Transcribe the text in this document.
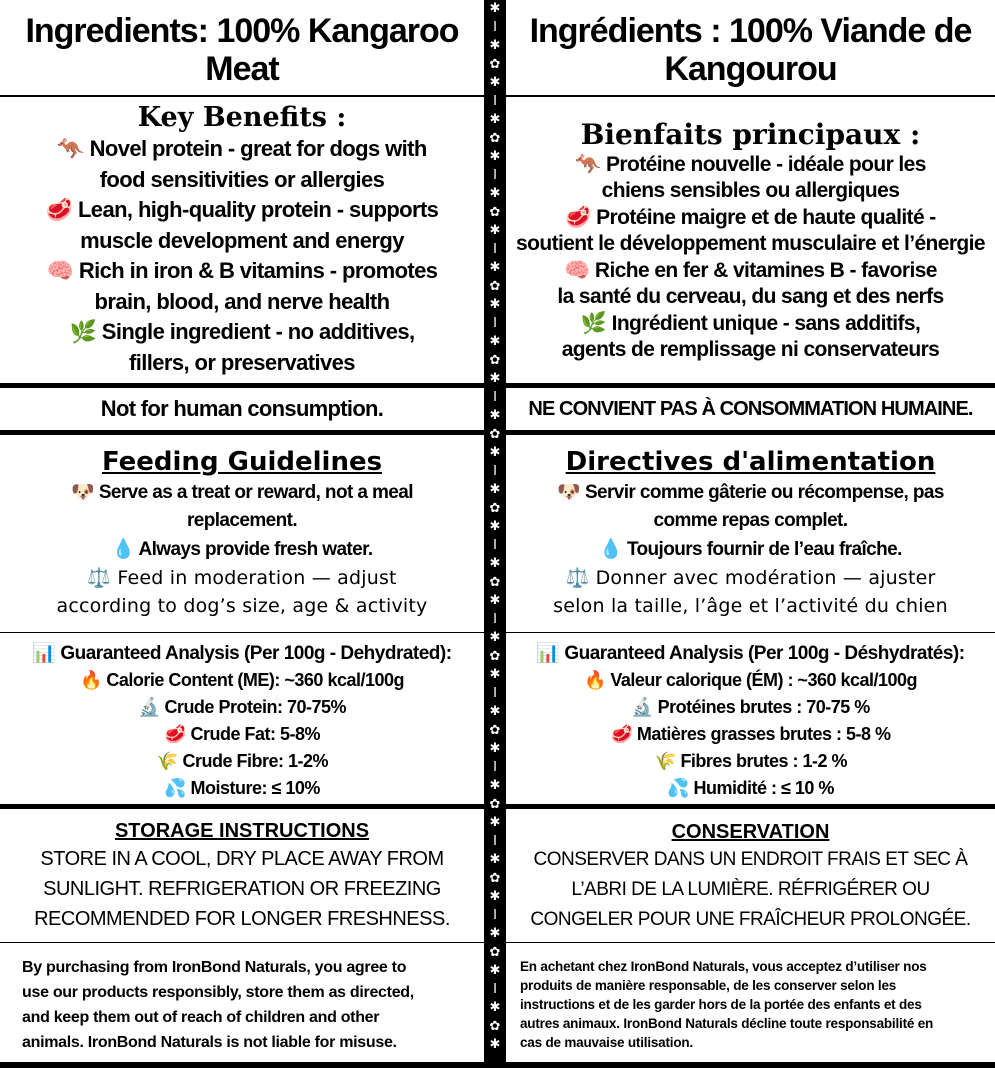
✱
I
✱
✿
✱
I
✱
✿
✱
I
✱
✿
✱
I
✱
✿
✱
I
✱
✿
✱
I
✱
✿
✱
I
✱
✿
✱
I
✱
✿
✱
I
✱
✿
✱
I
✱
✿
✱
I
✱
✿
✱
I
✱
✿
✱
I
✱
✿
✱
I
✱
✿
✱
Ingredients: 100% Kangaroo Meat
Key Benefits :

🦘 Novel protein - great for dogs with
food sensitivities or allergies

🥩 Lean, high-quality protein - supports
muscle development and energy

🧠 Rich in iron & B vitamins - promotes
brain, blood, and nerve health

🌿 Single ingredient - no additives,
fillers, or preservatives

Not for human consumption.
Feeding Guidelines
🐶 Serve as a treat or reward, not a meal
replacement.
💧 Always provide fresh water.
⚖️ Feed in moderation — adjust
according to dog’s size, age & activity
📊 Guaranteed Analysis (Per 100g - Dehydrated):
🔥 Calorie Content (ME): ~360 kcal/100g
🔬 Crude Protein: 70-75%
🥩 Crude Fat: 5-8%
🌾 Crude Fibre: 1-2%
💦 Moisture: ≤ 10%
STORAGE INSTRUCTIONS
STORE IN A COOL, DRY PLACE AWAY FROM
SUNLIGHT. REFRIGERATION OR FREEZING
RECOMMENDED FOR LONGER FRESHNESS.
By purchasing from IronBond Naturals, you agree to
use our products responsibly, store them as directed,
and keep them out of reach of children and other
animals. IronBond Naturals is not liable for misuse.
Ingrédients : 100% Viande de Kangourou
Bienfaits principaux :

🦘 Protéine nouvelle - idéale pour les
chiens sensibles ou allergiques

🥩 Protéine maigre et de haute qualité -
soutient le développement musculaire et l’énergie

🧠 Riche en fer & vitamines B - favorise
la santé du cerveau, du sang et des nerfs

🌿 Ingrédient unique - sans additifs,
agents de remplissage ni conservateurs

NE CONVIENT PAS À CONSOMMATION HUMAINE.
Directives d'alimentation
🐶 Servir comme gâterie ou récompense, pas
comme repas complet.
💧 Toujours fournir de l’eau fraîche.
⚖️ Donner avec modération — ajuster
selon la taille, l’âge et l’activité du chien
📊 Guaranteed Analysis (Per 100g - Déshydratés):
🔥 Valeur calorique (ÉM) : ~360 kcal/100g
🔬 Protéines brutes : 70-75 %
🥩 Matières grasses brutes : 5-8 %
🌾 Fibres brutes : 1-2 %
💦 Humidité : ≤ 10 %
CONSERVATION
CONSERVER DANS UN ENDROIT FRAIS ET SEC À
L’ABRI DE LA LUMIÈRE. RÉFRIGÉRER OU
CONGELER POUR UNE FRAÎCHEUR PROLONGÉE.
En achetant chez IronBond Naturals, vous acceptez d’utiliser nos
produits de manière responsable, de les conserver selon les
instructions et de les garder hors de la portée des enfants et des
autres animaux. IronBond Naturals décline toute responsabilité en
cas de mauvaise utilisation.
